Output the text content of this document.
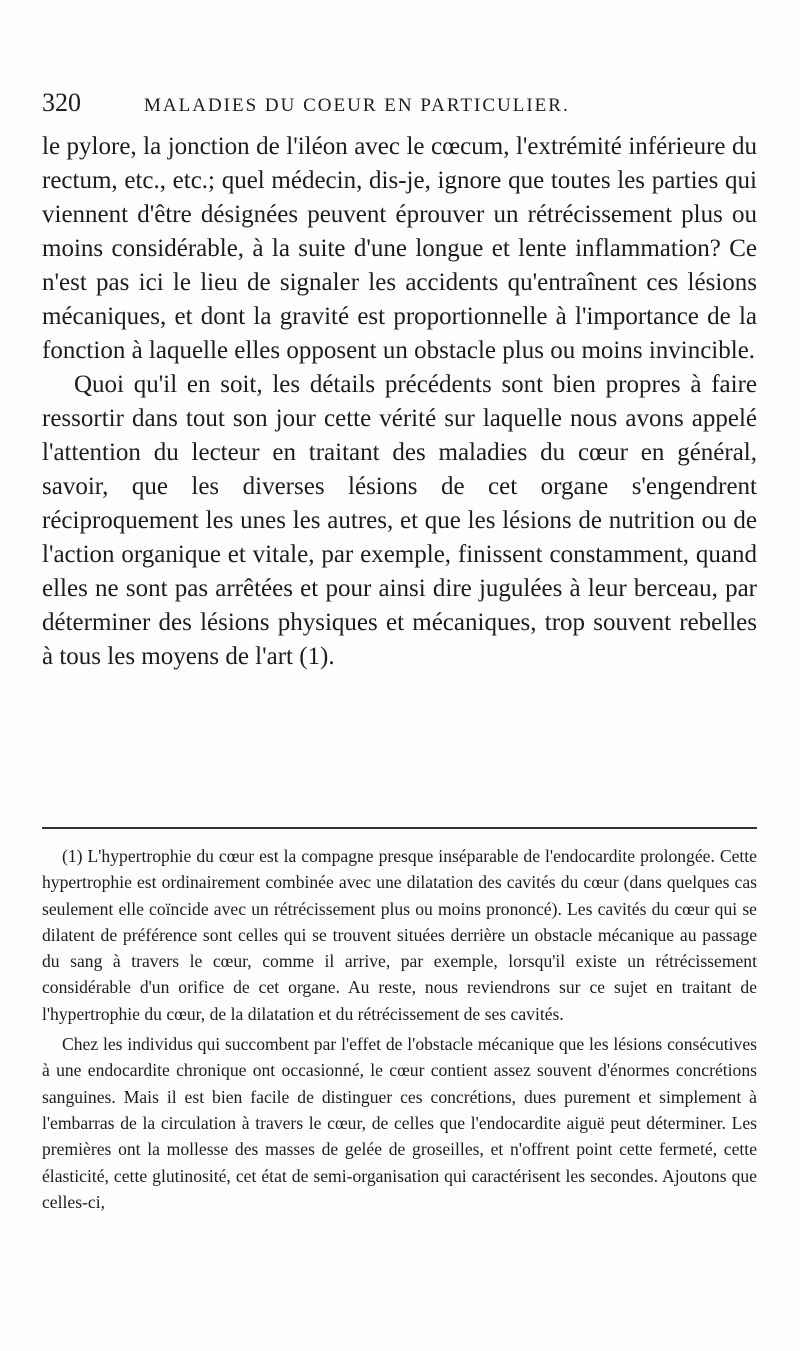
320	MALADIES DU COEUR EN PARTICULIER.

le pylore, la jonction de l'iléon avec le cœcum, l'extrémité inférieure du rectum, etc., etc.; quel médecin, dis-je, ignore que toutes les parties qui viennent d'être désignées peuvent éprouver un rétrécissement plus ou moins considérable, à la suite d'une longue et lente inflammation? Ce n'est pas ici le lieu de signaler les accidents qu'entraînent ces lésions mécaniques, et dont la gravité est proportionnelle à l'importance de la fonction à laquelle elles opposent un obstacle plus ou moins invincible.

Quoi qu'il en soit, les détails précédents sont bien propres à faire ressortir dans tout son jour cette vérité sur laquelle nous avons appelé l'attention du lecteur en traitant des maladies du cœur en général, savoir, que les diverses lésions de cet organe s'engendrent réciproquement les unes les autres, et que les lésions de nutrition ou de l'action organique et vitale, par exemple, finissent constamment, quand elles ne sont pas arrêtées et pour ainsi dire jugulées à leur berceau, par déterminer des lésions physiques et mécaniques, trop souvent rebelles à tous les moyens de l'art (1).

(1) L'hypertrophie du cœur est la compagne presque inséparable de l'endocardite prolongée. Cette hypertrophie est ordinairement combinée avec une dilatation des cavités du cœur (dans quelques cas seulement elle coïncide avec un rétrécissement plus ou moins prononcé). Les cavités du cœur qui se dilatent de préférence sont celles qui se trouvent situées derrière un obstacle mécanique au passage du sang à travers le cœur, comme il arrive, par exemple, lorsqu'il existe un rétrécissement considérable d'un orifice de cet organe. Au reste, nous reviendrons sur ce sujet en traitant de l'hypertrophie du cœur, de la dilatation et du rétrécissement de ses cavités.

Chez les individus qui succombent par l'effet de l'obstacle mécanique que les lésions consécutives à une endocardite chronique ont occasionné, le cœur contient assez souvent d'énormes concrétions sanguines. Mais il est bien facile de distinguer ces concrétions, dues purement et simplement à l'embarras de la circulation à travers le cœur, de celles que l'endocardite aiguë peut déterminer. Les premières ont la mollesse des masses de gelée de groseilles, et n'offrent point cette fermeté, cette élasticité, cette glutinosité, cet état de semi-organisation qui caractérisent les secondes. Ajoutons que celles-ci,
